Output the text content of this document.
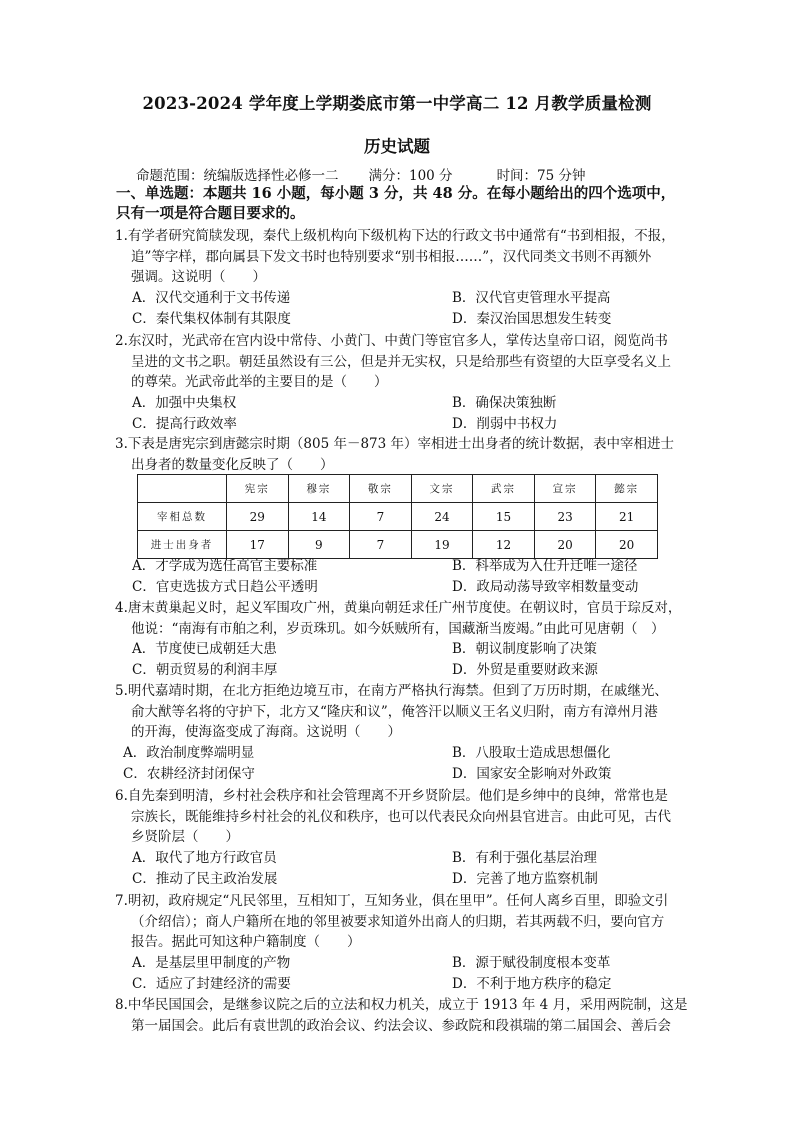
2023-2024 学年度上学期娄底市第一中学高二 12 月教学质量检测
历史试题
命题范围：统编版选择性必修一二 满分：100 分	时间：75 分钟
一、单选题：本题共 16 小题，每小题 3 分，共 48 分。在每小题给出的四个选项中，
只有一项是符合题目要求的。
1.有学者研究简牍发现，秦代上级机构向下级机构下达的行政文书中通常有“书到相报，不报，
追”等字样，郡向属县下发文书时也特别要求“别书相报……”，汉代同类文书则不再额外
强调。这说明（　　）
A．汉代交通利于文书传递	B．汉代官吏管理水平提高
C．秦代集权体制有其限度	D．秦汉治国思想发生转变
2.东汉时，光武帝在宫内设中常侍、小黄门、中黄门等宦官多人，掌传达皇帝口诏，阅览尚书
呈进的文书之职。朝廷虽然设有三公，但是并无实权，只是给那些有资望的大臣享受名义上
的尊荣。光武帝此举的主要目的是（　　）
A．加强中央集权	B．确保决策独断
C．提高行政效率	D．削弱中书权力
3.下表是唐宪宗到唐懿宗时期（805 年－873 年）宰相进士出身者的统计数据，表中宰相进士
出身者的数量变化反映了（　　）
	宪宗	穆宗	敬宗	文宗	武宗	宣宗	懿宗
宰相总数	29	14	7	24	15	23	21
进士出身者	17	9	7	19	12	20	20
A．才学成为选任高官主要标准	B．科举成为入仕升迁唯一途径
C．官吏选拔方式日趋公平透明	D．政局动荡导致宰相数量变动
4.唐末黄巢起义时，起义军围攻广州，黄巢向朝廷求任广州节度使。在朝议时，官员于琮反对，
他说：“南海有市舶之利，岁贡珠玑。如今妖贼所有，国藏渐当废竭。”由此可见唐朝（　）
A．节度使已成朝廷大患	B．朝议制度影响了决策
C．朝贡贸易的利润丰厚	D．外贸是重要财政来源
5.明代嘉靖时期，在北方拒绝边境互市，在南方严格执行海禁。但到了万历时期，在戚继光、
俞大猷等名将的守护下，北方又“隆庆和议”，俺答汗以顺义王名义归附，南方有漳州月港
的开海，使海盗变成了海商。这说明（　　）
A．政治制度弊端明显	B．八股取士造成思想僵化
C．农耕经济封闭保守	D．国家安全影响对外政策
6.自先秦到明清，乡村社会秩序和社会管理离不开乡贤阶层。他们是乡绅中的良绅，常常也是
宗族长，既能维持乡村社会的礼仪和秩序，也可以代表民众向州县官进言。由此可见，古代
乡贤阶层（　　）
A．取代了地方行政官员	B．有利于强化基层治理
C．推动了民主政治发展	D．完善了地方监察机制
7.明初，政府规定“凡民邻里，互相知丁，互知务业，俱在里甲”。任何人离乡百里，即验文引
（介绍信）；商人户籍所在地的邻里被要求知道外出商人的归期，若其两载不归，要向官方
报告。据此可知这种户籍制度（　　）
A．是基层里甲制度的产物	B．源于赋役制度根本变革
C．适应了封建经济的需要	D．不利于地方秩序的稳定
8.中华民国国会，是继参议院之后的立法和权力机关，成立于 1913 年 4 月，采用两院制，这是
第一届国会。此后有袁世凯的政治会议、约法会议、参政院和段祺瑞的第二届国会、善后会
